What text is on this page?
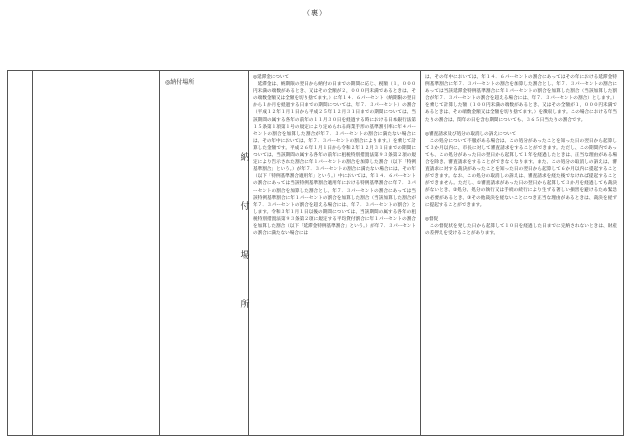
（裏）
◎納付場所
納
付
場
所

◎延滞金について

延滞金は、納期限の翌日から納付の日までの期間に応じ、税額（１，０００円未満の端数があるとき、又はその全額が２，０００円未満であるときは、その端数金額又は全額を切り捨てます。）に年１４．６パーセント（納期限の翌日から１か月を経過する日までの期間については、年７．３パーセント）の割合（平成１２年１月１日から平成２５年１２月３１日までの期間については、当該期間の属する各年の前年の１１月３０日を経過する時における日本銀行法第１５条第１項第１号の規定により定められる商業手形の基準割引率に年４パーセントの割合を加算した割合が年７．３パーセントの割合に満たない場合には、その年中においては、年７．３パーセントの割合によります。）を乗じて計算した金額です。平成２６年１月１日から令和２年１２月３１日までの期間については、当該期間の属する各年の前年に租税特別措置法第９３条第２項の規定により告示された割合に年１パーセントの割合を加算した割合（以下「特例基準割合」という。）が年７．３パーセントの割合に満たない場合には、その年（以下「特例基準割合適用年」という。）中においては、年１４．６パーセントの割合にあっては当該特例基準割合適用年における特例基準割合に年７．３パーセントの割合を加算した割合とし、年７．３パーセントの割合にあっては当該特例基準割合に年１パーセントの割合を加算した割合（当該加算した割合が年７．３パーセントの割合を超える場合には、年７．３パーセントの割合）とします。令和３年１月１日以後の期間については、当該期間の属する各年の租税特別措置法第９３条第２項に規定する平均貸付割合に年１パーセントの割合を加算した割合（以下「延滞金特例基準割合」という。）が年７．３パーセントの割合に満たない場合には

は、その年中においては、年１４．６パーセントの割合にあってはその年における延滞金特例基準割合に年７．３パーセントの割合を加算した割合とし、年７．３パーセントの割合にあっては当該延滞金特例基準割合に年１パーセントの割合を加算した割合（当該加算した割合が年７．３パーセントの割合を超える場合には、年７．３パーセントの割合）とします。）を乗じて計算した額（１００円未満の端数があるとき、又はその全額が１，０００円未満であるときは、その端数金額又は全額を切り捨てます。）を徴収します。この場合における年当たりの割合は、閏年の日を含む期間についても、３６５日当たりの割合です。

◎審査請求及び処分の取消しの訴えについて

この処分について不服がある場合は、この処分があったことを知った日の翌日から起算して３か月以内に、市長に対して審査請求をすることができます。ただし、この期間内であっても、この処分があった日の翌日から起算して１年を経過したときは、正当な理由がある場合を除き、審査請求をすることができなくなります。また、この処分の取消しの訴えは、審査請求に対する裁決があったことを知った日の翌日から起算して６か月以内に提起することができます。なお、この処分の取消しの訴えは、審査請求を経た後でなければ提起することができません。ただし、①審査請求があった日の翌日から起算して３か月を経過しても裁決がないとき、②処分、処分の執行又は手続の続行により生ずる著しい損害を避けるため緊急の必要があるとき、③その他裁決を経ないことにつき正当な理由があるときは、裁決を経ずに提起することができます。

◎督促

この督促状を発した日から起算して１０日を経過した日までに完納されないときは、財産の差押えを受けることがあります。
